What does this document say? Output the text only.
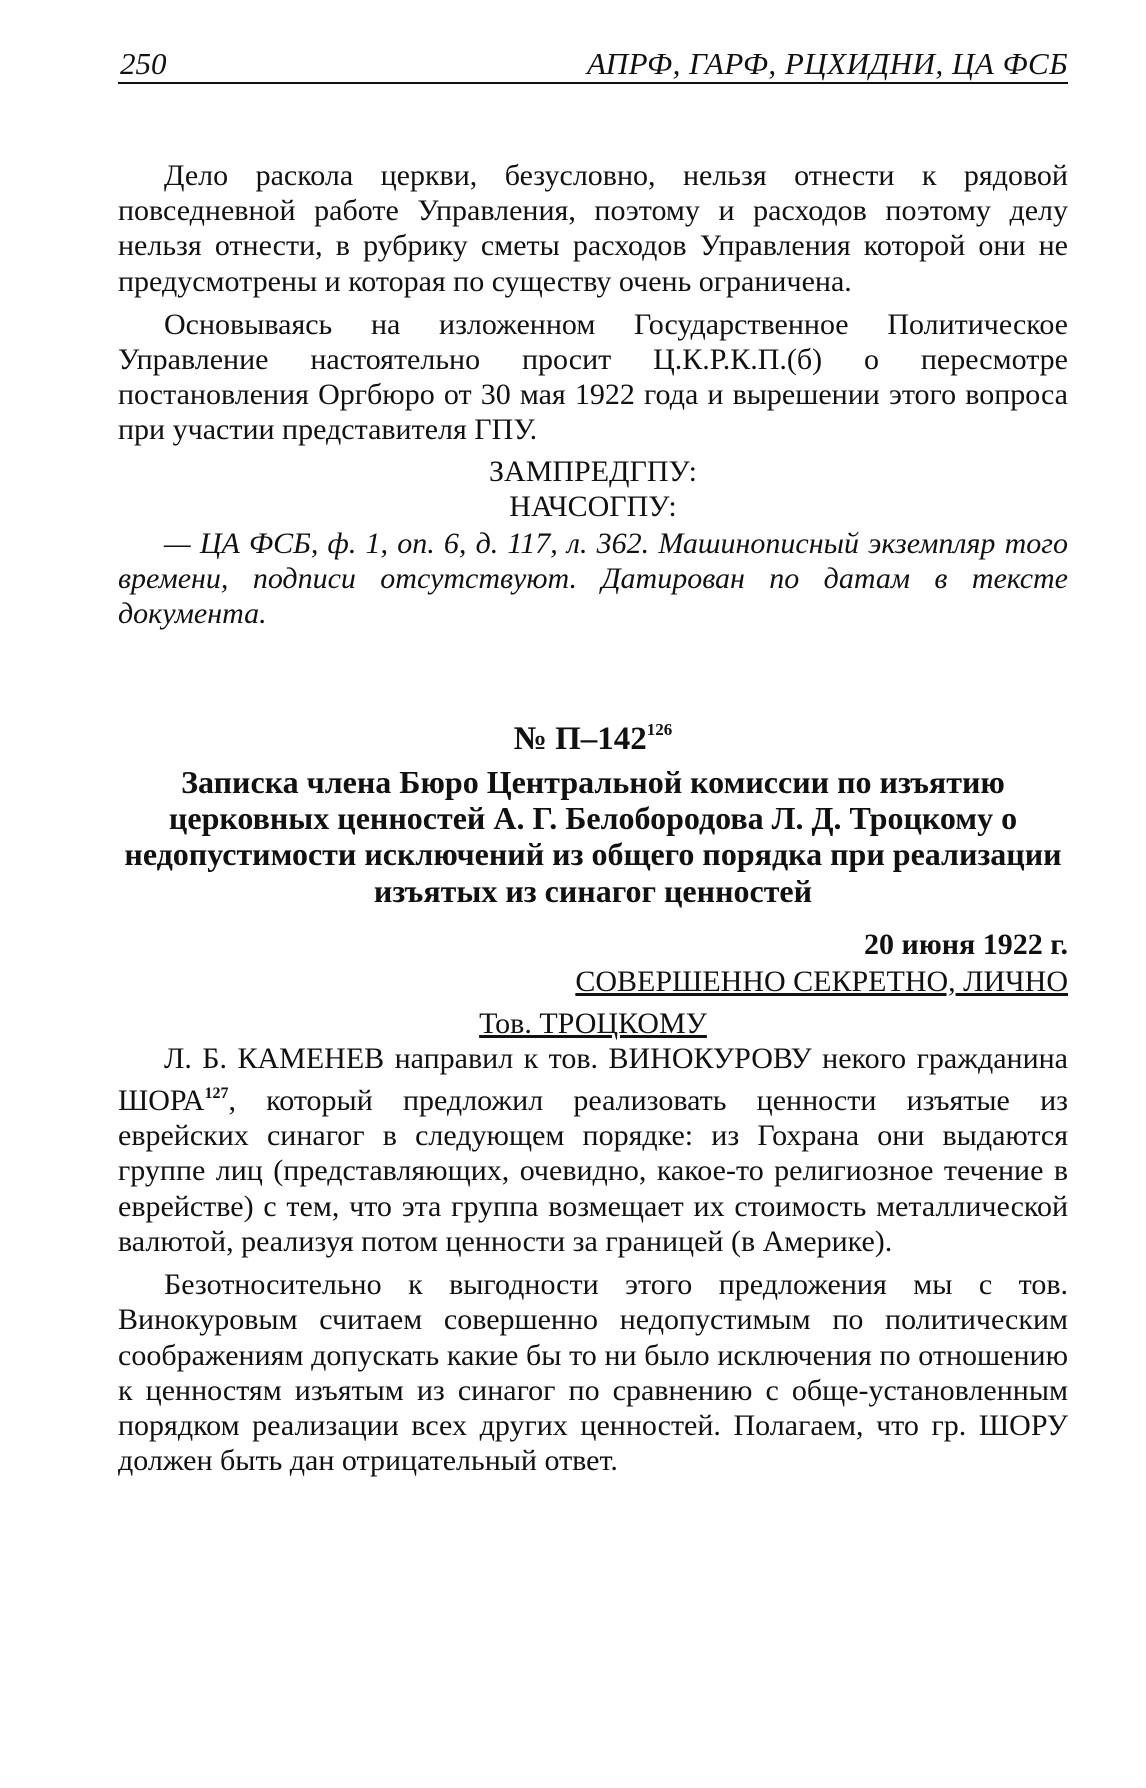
250	АПРФ, ГАРФ, РЦХИДНИ, ЦА ФСБ

Дело раскола церкви, безусловно, нельзя отнести к рядовой повседневной работе Управления, поэтому и расходов поэтому делу нельзя отнести, в рубрику сметы расходов Управления которой они не предусмотрены и которая по существу очень ограничена.

Основываясь на изложенном Государственное Политическое Управление настоятельно просит Ц.К.Р.К.П.(б) о пересмотре постановления Оргбюро от 30 мая 1922 года и вырешении этого вопроса при участии представителя ГПУ.

ЗАМПРЕДГПУ:

НАЧСОГПУ:

— ЦА ФСБ, ф. 1, оп. 6, д. 117, л. 362. Машинописный экземпляр того времени, подписи отсутствуют. Датирован по датам в тексте документа.

№ $П-142^{126}$

Записка члена Бюро Центральной комиссии по изъятию церковных ценностей А. Г. Белобородова Л. Д. Троцкому о недопустимости исключений из общего порядка при реализации изъятых из синагог ценностей

20 июня 1922 г.

СОВЕРШЕННО СЕКРЕТНО, ЛИЧНО

Тов. ТРОЦКОМУ

Л. Б. КАМЕНЕВ направил к тов. ВИНОКУРОВУ некого гражданина ШОРА$^{127}$, который предложил реализовать ценности изъятые из еврейских синагог в следующем порядке: из Гохрана они выдаются группе лиц (представляющих, очевидно, какое-то религиозное течение в еврействе) с тем, что эта группа возмещает их стоимость металлической валютой, реализуя потом ценности за границей (в Америке).

Безотносительно к выгодности этого предложения мы с тов. Винокуровым считаем совершенно недопустимым по политическим соображениям допускать какие бы то ни было исключения по отношению к ценностям изъятым из синагог по сравнению с обще-установленным порядком реализации всех других ценностей. Полагаем, что гр. ШОРУ должен быть дан отрицательный ответ.
